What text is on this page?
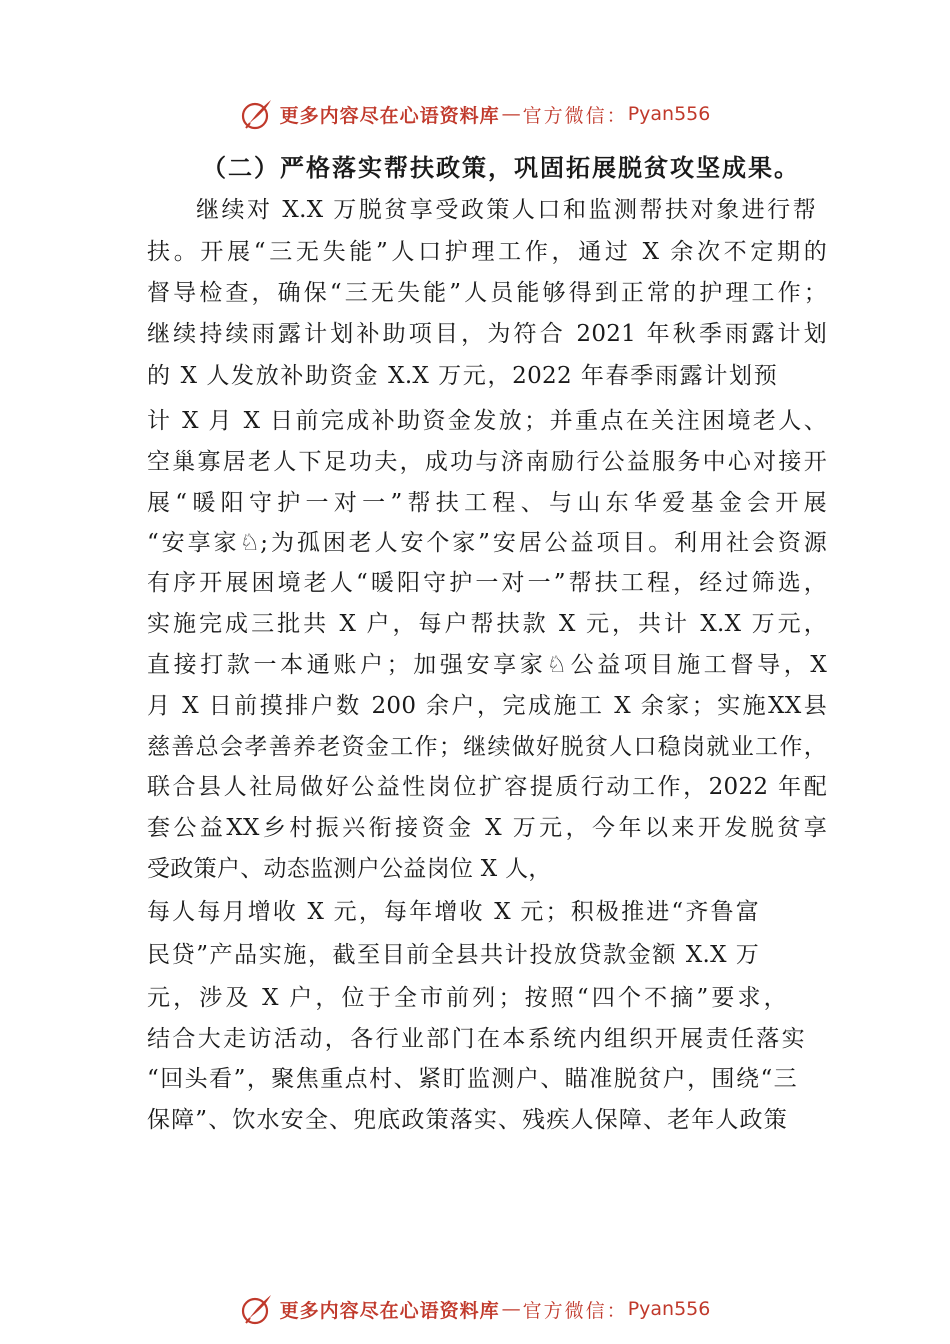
更多内容尽在心语资料库 — 官方微信： Pyan556
（二）严格落实帮扶政策，巩固拓展脱贫攻坚成果。
继续对 X.X 万脱贫享受政策人口和监测帮扶对象进行帮
扶。开展“三无失能”人口护理工作，通过 X 余次不定期的
督导检查，确保“三无失能”人员能够得到正常的护理工作；
继续持续雨露计划补助项目，为符合 2021 年秋季雨露计划
的 X 人发放补助资金 X.X 万元，2022 年春季雨露计划预
计 X 月 X 日前完成补助资金发放；并重点在关注困境老人、
空巢寡居老人下足功夫，成功与济南励行公益服务中心对接开
展“暖阳守护一对一”帮扶工程、与山东华爱基金会开展
“安享家♘;为孤困老人安个家”安居公益项目。利用社会资源
有序开展困境老人“暖阳守护一对一”帮扶工程，经过筛选，
实施完成三批共 X 户，每户帮扶款 X 元，共计 X.X 万元，
直接打款一本通账户；加强安享家♘公益项目施工督导，X
月 X 日前摸排户数 200 余户，完成施工 X 余家；实施XX县
慈善总会孝善养老资金工作；继续做好脱贫人口稳岗就业工作，
联合县人社局做好公益性岗位扩容提质行动工作，2022 年配
套公益XX乡村振兴衔接资金 X 万元，今年以来开发脱贫享
受政策户、动态监测户公益岗位 X 人，
每人每月增收 X 元，每年增收 X 元；积极推进“齐鲁富
民贷”产品实施，截至目前全县共计投放贷款金额 X.X 万
元，涉及 X 户，位于全市前列；按照“四个不摘”要求，
结合大走访活动，各行业部门在本系统内组织开展责任落实
“回头看”，聚焦重点村、紧盯监测户、瞄准脱贫户，围绕“三
保障”、饮水安全、兜底政策落实、残疾人保障、老年人政策
更多内容尽在心语资料库 — 官方微信： Pyan556
